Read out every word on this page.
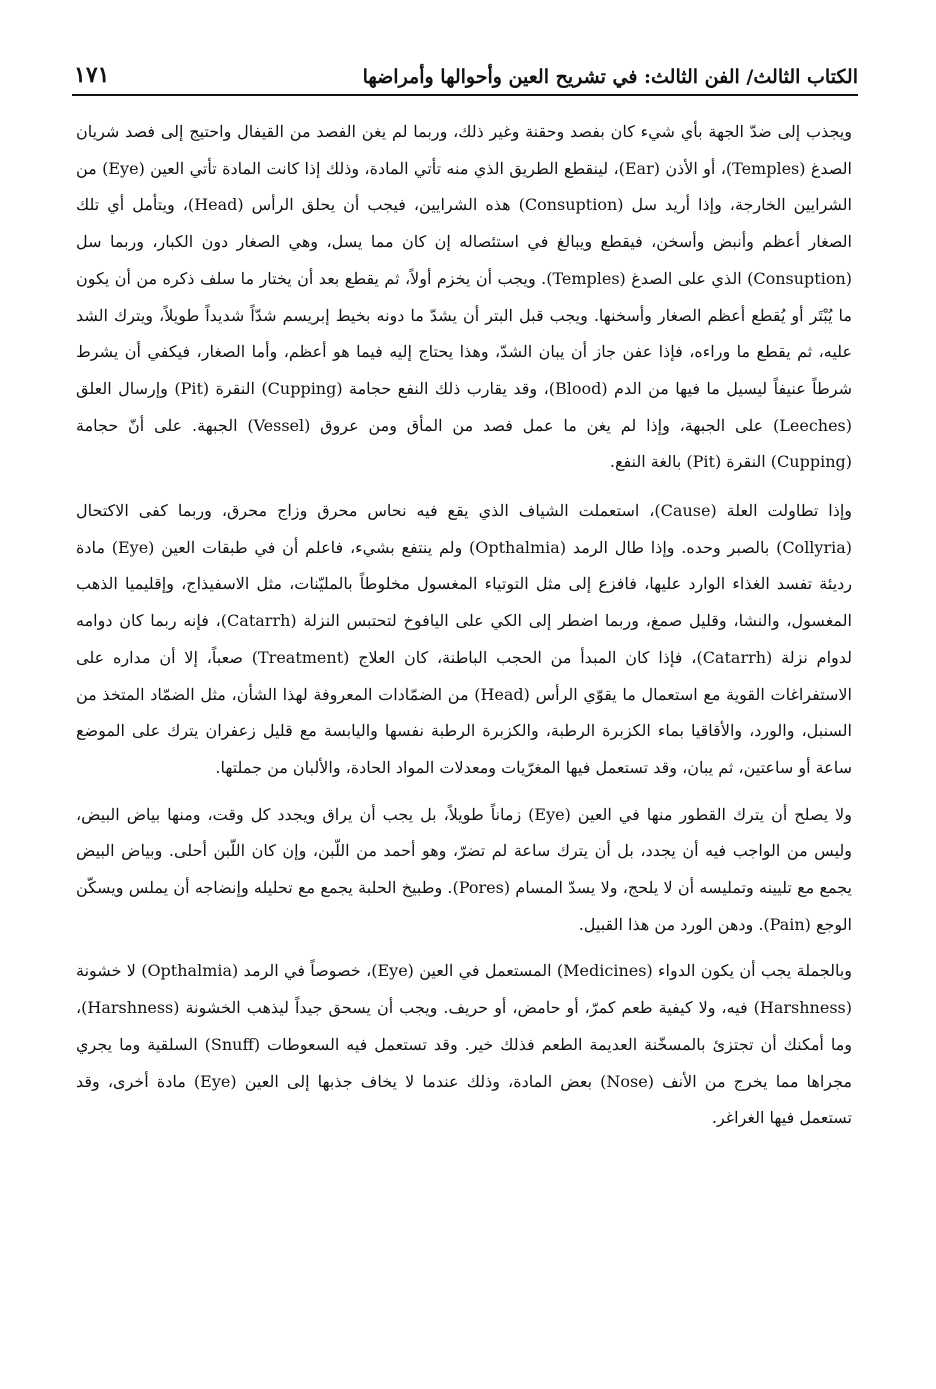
الكتاب الثالث/ الفن الثالث: في تشريح العين وأحوالها وأمراضها
١٧١

ويجذب إلى ضدّ الجهة بأي شيء كان بفصد وحقنة وغير ذلك، وربما لم يغن الفصد من القيفال واحتيج إلى فصد شريان الصدغ (Temples)، أو الأذن (Ear)، لينقطع الطريق الذي منه تأتي المادة، وذلك إذا كانت المادة تأتي العين (Eye) من الشرايين الخارجة، وإذا أريد سل (Consuption) هذه الشرايين، فيجب أن يحلق الرأس (Head)، ويتأمل أي تلك الصغار أعظم وأنبض وأسخن، فيقطع ويبالغ في استئصاله إن كان مما يسل، وهي الصغار دون الكبار، وربما سل (Consuption) الذي على الصدغ (Temples). ويجب أن يخزم أولاً، ثم يقطع بعد أن يختار ما سلف ذكره من أن يكون ما يُبْتَر أو يُقطع أعظم الصغار وأسخنها. ويجب قبل البتر أن يشدّ ما دونه بخيط إبريسم شدّاً شديداً طويلاً، ويترك الشد عليه، ثم يقطع ما وراءه، فإذا عفن جاز أن يبان الشدّ، وهذا يحتاج إليه فيما هو أعظم، وأما الصغار، فيكفي أن يشرط شرطاً عنيفاً ليسيل ما فيها من الدم (Blood)، وقد يقارب ذلك النفع حجامة (Cupping) النقرة (Pit) وإرسال العلق (Leeches) على الجبهة، وإذا لم يغن ما عمل فصد من المأق ومن عروق (Vessel) الجبهة. على أنّ حجامة (Cupping) النقرة (Pit) بالغة النفع.

وإذا تطاولت العلة (Cause)، استعملت الشياف الذي يقع فيه نحاس محرق وزاج محرق، وربما كفى الاكتحال (Collyria) بالصبر وحده. وإذا طال الرمد (Opthalmia) ولم ينتفع بشيء، فاعلم أن في طبقات العين (Eye) مادة رديئة تفسد الغذاء الوارد عليها، فافزع إلى مثل التوتياء المغسول مخلوطاً بالمليّنات، مثل الاسفيذاج، وإقليميا الذهب المغسول، والنشا، وقليل صمغ، وربما اضطر إلى الكي على اليافوخ لتحتبس النزلة (Catarrh)، فإنه ربما كان دوامه لدوام نزلة (Catarrh)، فإذا كان المبدأ من الحجب الباطنة، كان العلاج (Treatment) صعباً، إلا أن مداره على الاستفراغات القوية مع استعمال ما يقوّي الرأس (Head) من الضمّادات المعروفة لهذا الشأن، مثل الضمّاد المتخذ من السنبل، والورد، والأقاقيا بماء الكزبرة الرطبة، والكزبرة الرطبة نفسها واليابسة مع قليل زعفران يترك على الموضع ساعة أو ساعتين، ثم يبان، وقد تستعمل فيها المغرّيات ومعدلات المواد الحادة، والألبان من جملتها.

ولا يصلح أن يترك القطور منها في العين (Eye) زماناً طويلاً، بل يجب أن يراق ويجدد كل وقت، ومنها بياض البيض، وليس من الواجب فيه أن يجدد، بل أن يترك ساعة لم تضرّ، وهو أحمد من اللّبن، وإن كان اللّبن أحلى. وبياض البيض يجمع مع تليينه وتمليسه أن لا يلحج، ولا يسدّ المسام (Pores). وطبيخ الحلبة يجمع مع تحليله وإنضاجه أن يملس ويسكّن الوجع (Pain). ودهن الورد من هذا القبيل.

وبالجملة يجب أن يكون الدواء (Medicines) المستعمل في العين (Eye)، خصوصاً في الرمد (Opthalmia) لا خشونة (Harshness) فيه، ولا كيفية طعم كمرّ، أو حامض، أو حريف. ويجب أن يسحق جيداً ليذهب الخشونة (Harshness)، وما أمكنك أن تجتزئ بالمسخّنة العديمة الطعم فذلك خير. وقد تستعمل فيه السعوطات (Snuff) السلقية وما يجري مجراها مما يخرج من الأنف (Nose) بعض المادة، وذلك عندما لا يخاف جذبها إلى العين (Eye) مادة أخرى، وقد تستعمل فيها الغراغر.
